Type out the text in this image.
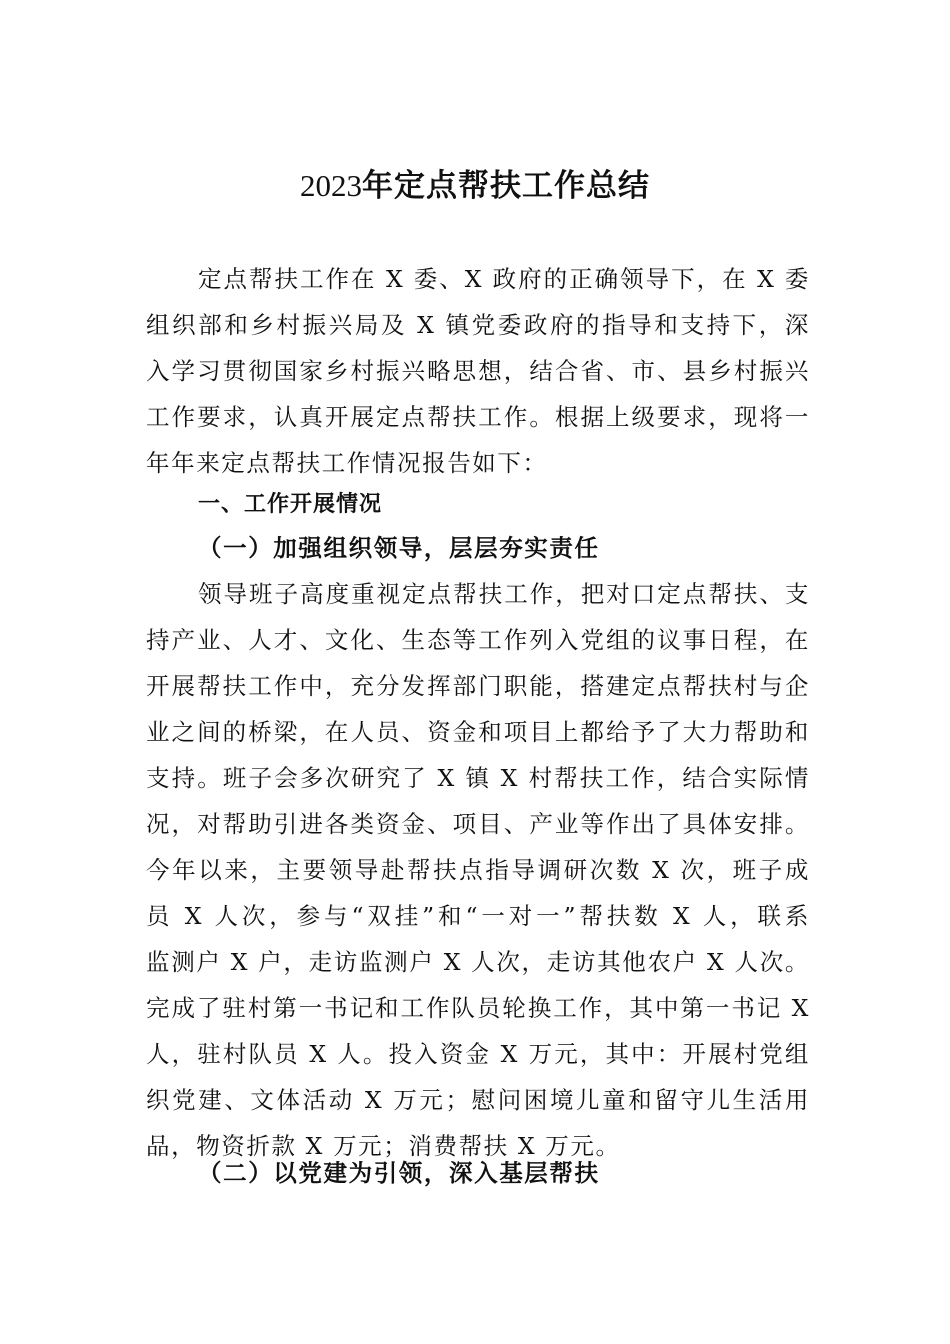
2023年定点帮扶工作总结
定点帮扶工作在 X 委、X 政府的正确领导下，在 X 委
组织部和乡村振兴局及 X 镇党委政府的指导和支持下，深
入学习贯彻国家乡村振兴略思想，结合省、市、县乡村振兴
工作要求，认真开展定点帮扶工作。根据上级要求，现将一
年年来定点帮扶工作情况报告如下：
一、工作开展情况
（一）加强组织领导，层层夯实责任
领导班子高度重视定点帮扶工作，把对口定点帮扶、支
持产业、人才、文化、生态等工作列入党组的议事日程，在
开展帮扶工作中，充分发挥部门职能，搭建定点帮扶村与企
业之间的桥梁，在人员、资金和项目上都给予了大力帮助和
支持。班子会多次研究了 X 镇 X 村帮扶工作，结合实际情
况，对帮助引进各类资金、项目、产业等作出了具体安排。
今年以来，主要领导赴帮扶点指导调研次数 X 次，班子成
员 X 人次，参与“双挂”和“一对一”帮扶数 X 人，联系
监测户 X 户，走访监测户 X 人次，走访其他农户 X 人次。
完成了驻村第一书记和工作队员轮换工作，其中第一书记 X
人，驻村队员 X 人。投入资金 X 万元，其中：开展村党组
织党建、文体活动 X 万元；慰问困境儿童和留守儿生活用
品，物资折款 X 万元；消费帮扶 X 万元。
（二）以党建为引领，深入基层帮扶
